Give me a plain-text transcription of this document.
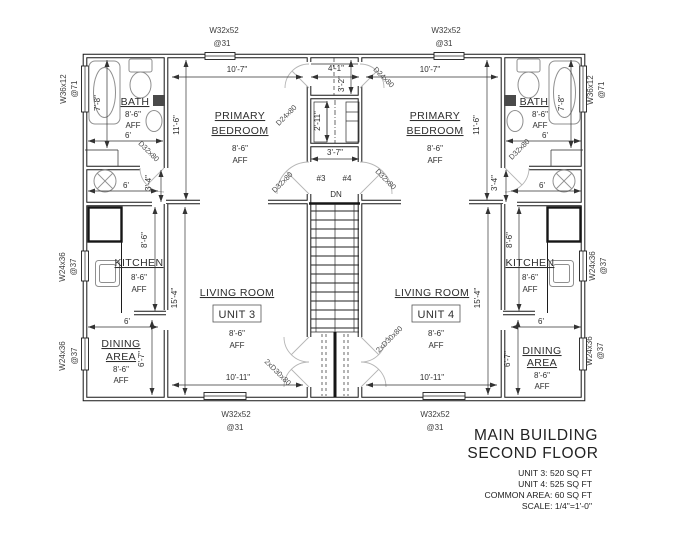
W32x52
@31
W32x52
@31
W32x52
@31
W32x52
@31
W36x12 @71	W36x12 @71
W24x36 @37	W24x36 @37
W24x36 @37	W24x36 @37
BATH
8'-6"
AFF
6'
BATH
8'-6"
AFF
6'
PRIMARY
BEDROOM
8'-6"
AFF
PRIMARY
BEDROOM
8'-6"
AFF
KITCHEN
8'-6"
AFF
KITCHEN
8'-6"
AFF
DINING
AREA
8'-6"
AFF
DINING
AREA
8'-6"
AFF
LIVING ROOM
UNIT 3
8'-6"
AFF
LIVING ROOM
UNIT 4
8'-6"
AFF
#3 #4
DN
10'-7"	10'-7"
4'-1"
3'-2"
2'-11"
3'-7"
11'-6"	11'-6"
7'-8"	7'-8"
6'	6'
3'-4"	3'-4"
8'-6"	8'-6"
15'-4"	15'-4"
6'	6'
6'-7"	6'-7"
10'-11"	10'-11"
D24x80
D24x80
D32x80	D32x80
D32x80	D32x80
2xD30x80
2xD30x80
MAIN BUILDING
SECOND FLOOR
UNIT 3: 520 SQ FT
UNIT 4: 525 SQ FT
COMMON AREA: 60 SQ FT
SCALE: 1/4"=1'-0"
